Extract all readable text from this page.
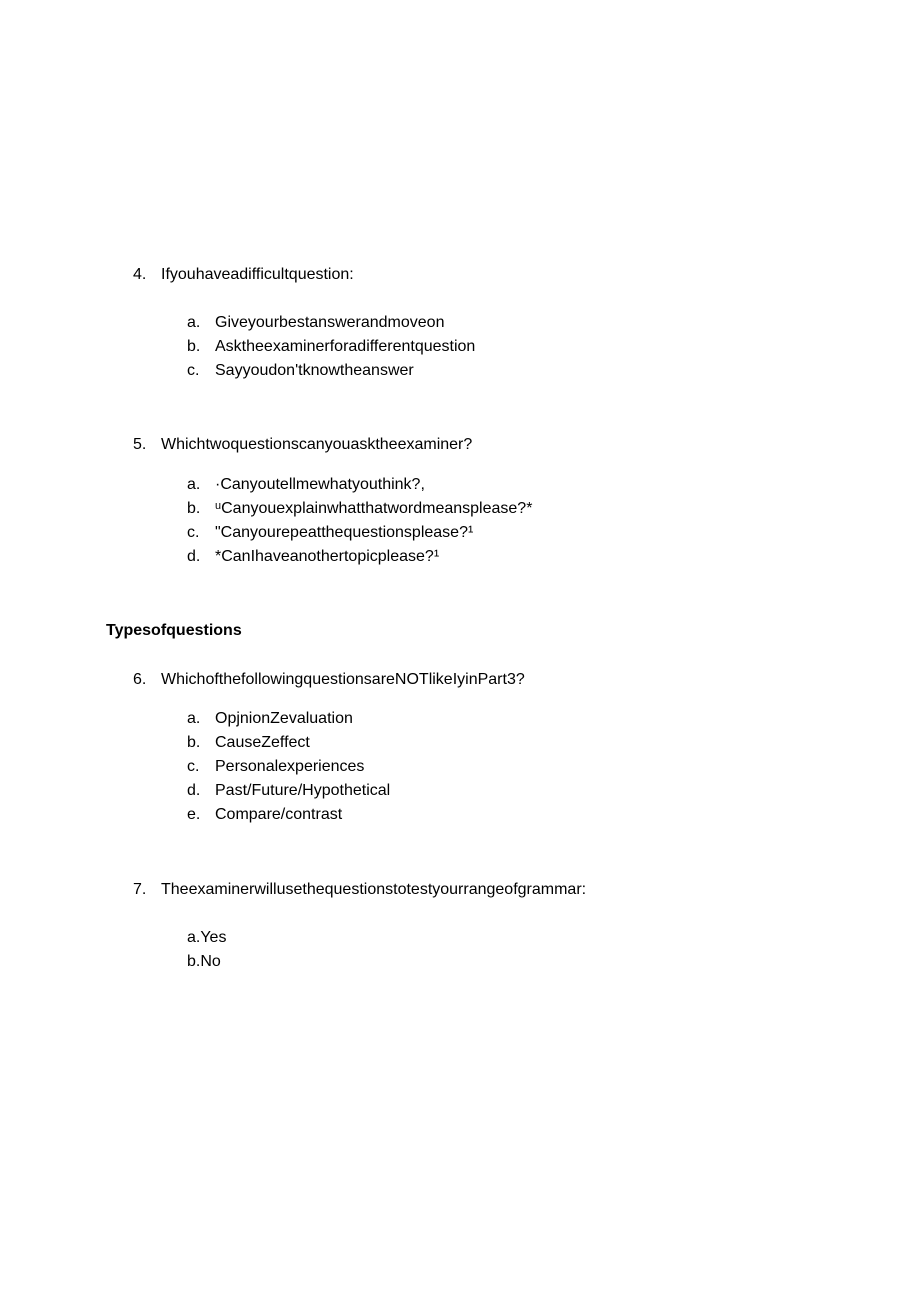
4. Ifyouhaveadifficultquestion:
a. Giveyourbestanswerandmoveon
b. Asktheexaminerforadifferentquestion
c. Sayyoudon'tknowtheanswer
5. Whichtwoquestionscanyouasktheexaminer?
a. ·Canyoutellmewhatyouthink?,
b. ᵘCanyouexplainwhatthatwordmeansplease?*
c. "Canyourepeatthequestionsplease?¹
d. *CanIhaveanothertopicplease?¹
Typesofquestions
6. WhichofthefollowingquestionsareNOTlikeIyinPart3?
a. OpjnionZevaluation
b. CauseZeffect
c. Personalexperiences
d. Past/Future/Hypothetical
e. Compare/contrast
7. Theexaminerwillusethequestionstotestyourrangeofgrammar:
a.Yes
b.No
